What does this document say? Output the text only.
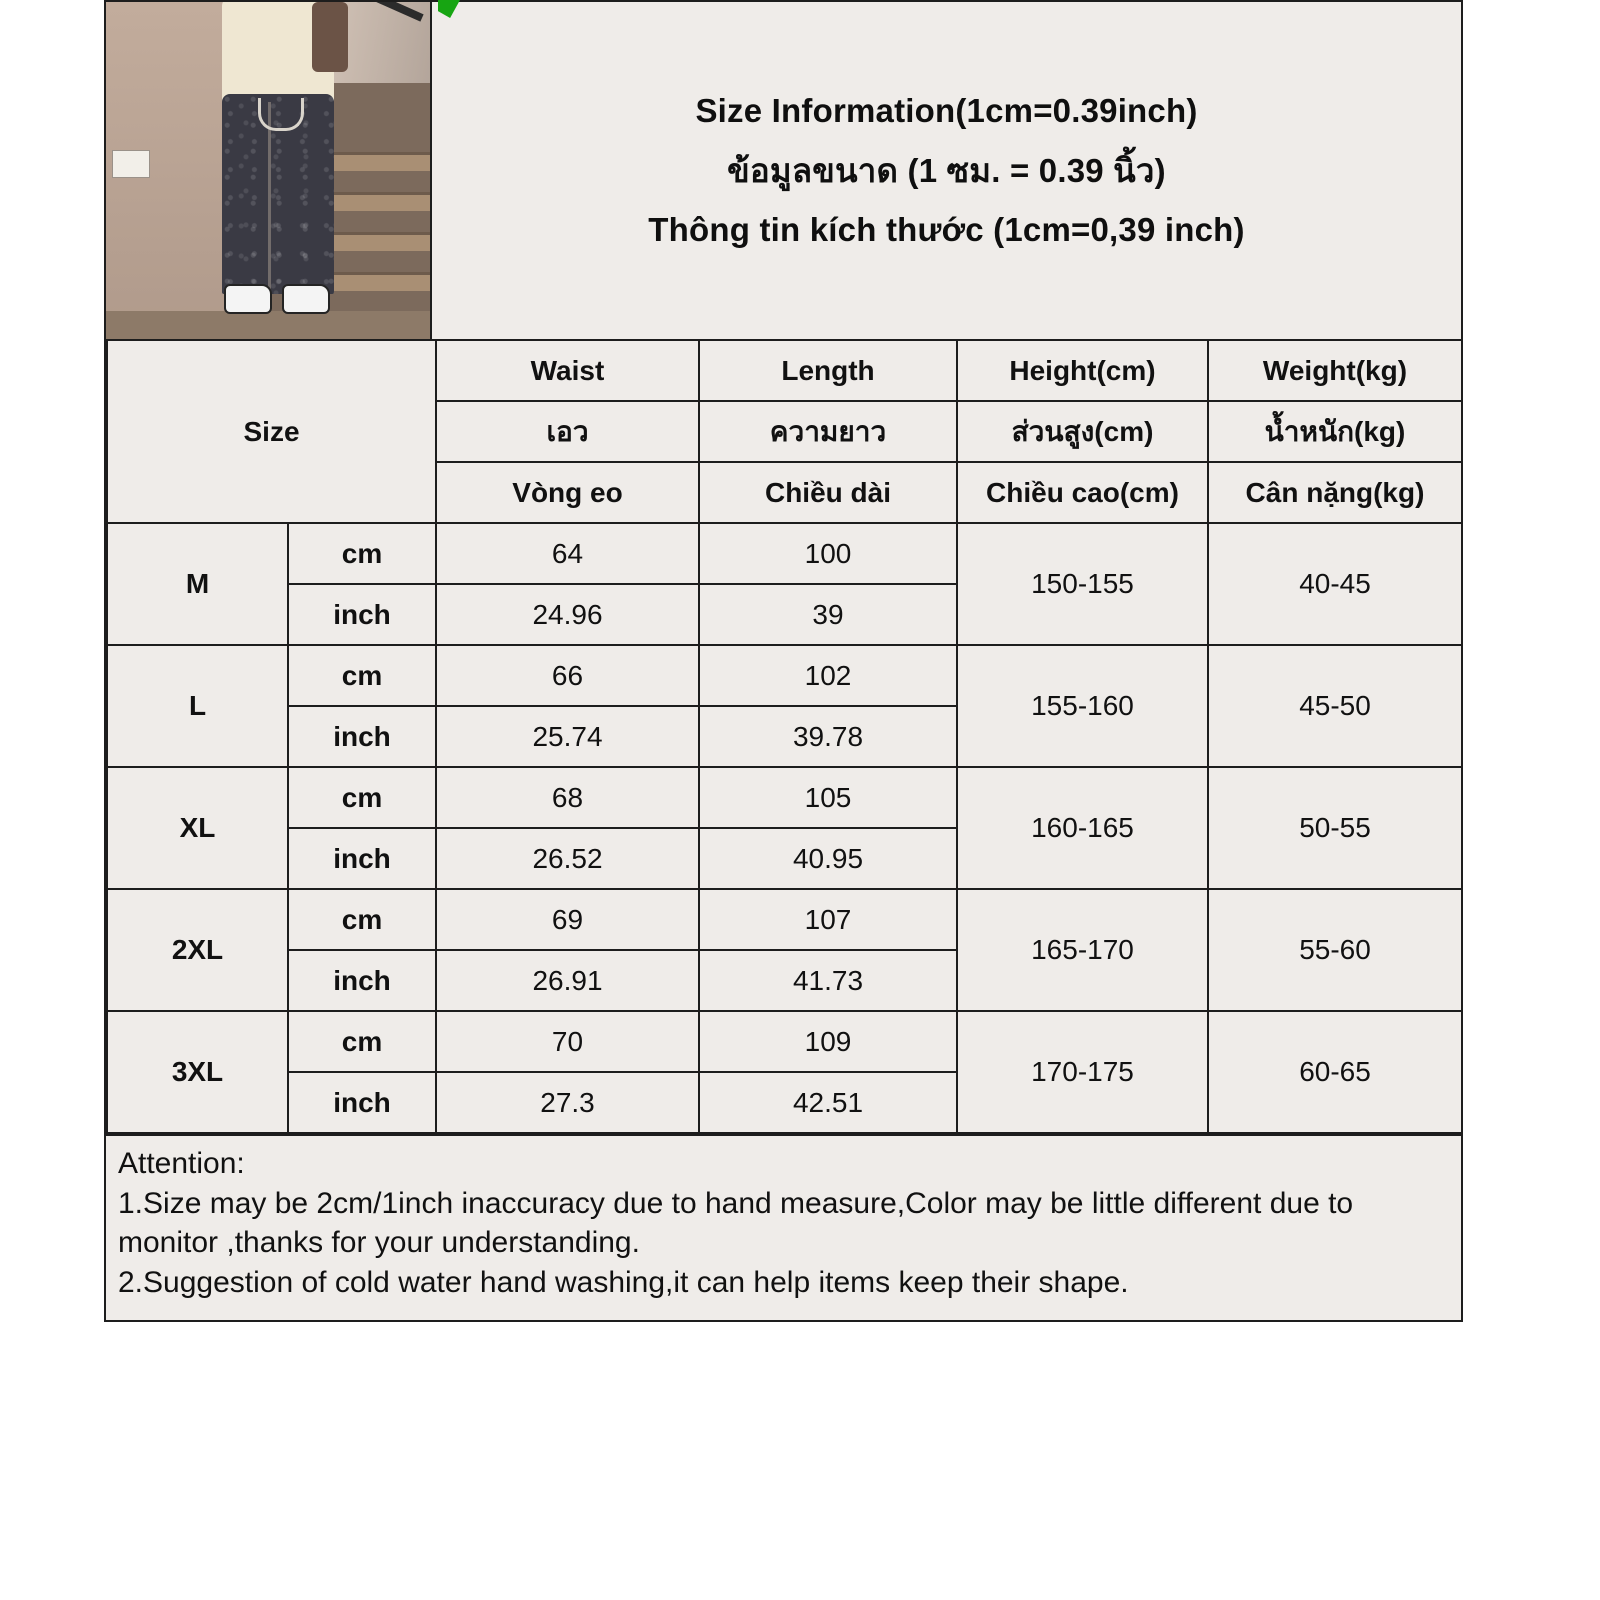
Size Information(1cm=0.39inch)
ข้อมูลขนาด (1 ซม. = 0.39 นิ้ว)
Thông tin kích thước (1cm=0,39 inch)
Size		Waist	Length	Height(cm)	Weight(kg)
		เอว	ความยาว	ส่วนสูง(cm)	น้ำหนัก(kg)
		Vòng eo	Chiều dài	Chiều cao(cm)	Cân nặng(kg)
M	cm	64	100	150-155	40-45
	inch	24.96	39		
L	cm	66	102	155-160	45-50
	inch	25.74	39.78		
XL	cm	68	105	160-165	50-55
	inch	26.52	40.95		
2XL	cm	69	107	165-170	55-60
	inch	26.91	41.73		
3XL	cm	70	109	170-175	60-65
	inch	27.3	42.51		

Attention:

1.Size may be 2cm/1inch inaccuracy due to hand measure,Color may be little different due to monitor ,thanks for your understanding.

2.Suggestion of cold water hand washing,it can help items keep their shape.
